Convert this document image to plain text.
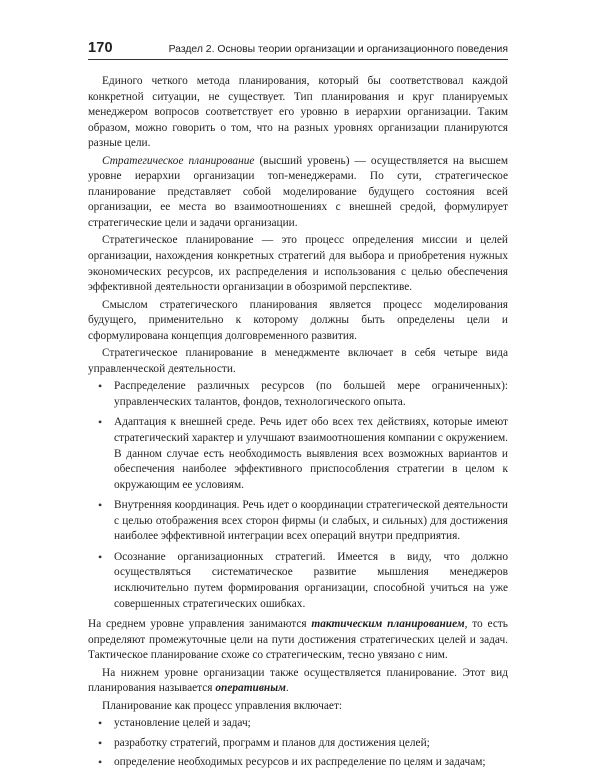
170	Раздел 2. Основы теории организации и организационного поведения

Единого четкого метода планирования, который бы соответствовал каждой конкретной ситуации, не существует. Тип планирования и круг планируемых менеджером вопросов соответствует его уровню в иерархии организации. Таким образом, можно говорить о том, что на разных уровнях организации планируются разные цели.

Стратегическое планирование (высший уровень) — осуществляется на высшем уровне иерархии организации топ-менеджерами. По сути, стратегическое планирование представляет собой моделирование будущего состояния всей организации, ее места во взаимоотношениях с внешней средой, формулирует стратегические цели и задачи организации.

Стратегическое планирование — это процесс определения миссии и целей организации, нахождения конкретных стратегий для выбора и приобретения нужных экономических ресурсов, их распределения и использования с целью обеспечения эффективной деятельности организации в обозримой перспективе.

Смыслом стратегического планирования является процесс моделирования будущего, применительно к которому должны быть определены цели и сформулирована концепция долговременного развития.

Стратегическое планирование в менеджменте включает в себя четыре вида управленческой деятельности.

• Распределение различных ресурсов (по большей мере ограниченных): управленческих талантов, фондов, технологического опыта.
• Адаптация к внешней среде. Речь идет обо всех тех действиях, которые имеют стратегический характер и улучшают взаимоотношения компании с окружением. В данном случае есть необходимость выявления всех возможных вариантов и обеспечения наиболее эффективного приспособления стратегии в целом к окружающим ее условиям.
• Внутренняя координация. Речь идет о координации стратегической деятельности с целью отображения всех сторон фирмы (и слабых, и сильных) для достижения наиболее эффективной интеграции всех операций внутри предприятия.
• Осознание организационных стратегий. Имеется в виду, что должно осуществляться систематическое развитие мышления менеджеров исключительно путем формирования организации, способной учиться на уже совершенных стратегических ошибках.

На среднем уровне управления занимаются тактическим планированием, то есть определяют промежуточные цели на пути достижения стратегических целей и задач. Тактическое планирование схоже со стратегическим, тесно увязано с ним.

На нижнем уровне организации также осуществляется планирование. Этот вид планирования называется оперативным.

Планирование как процесс управления включает:

• установление целей и задач;
• разработку стратегий, программ и планов для достижения целей;
• определение необходимых ресурсов и их распределение по целям и задачам;
